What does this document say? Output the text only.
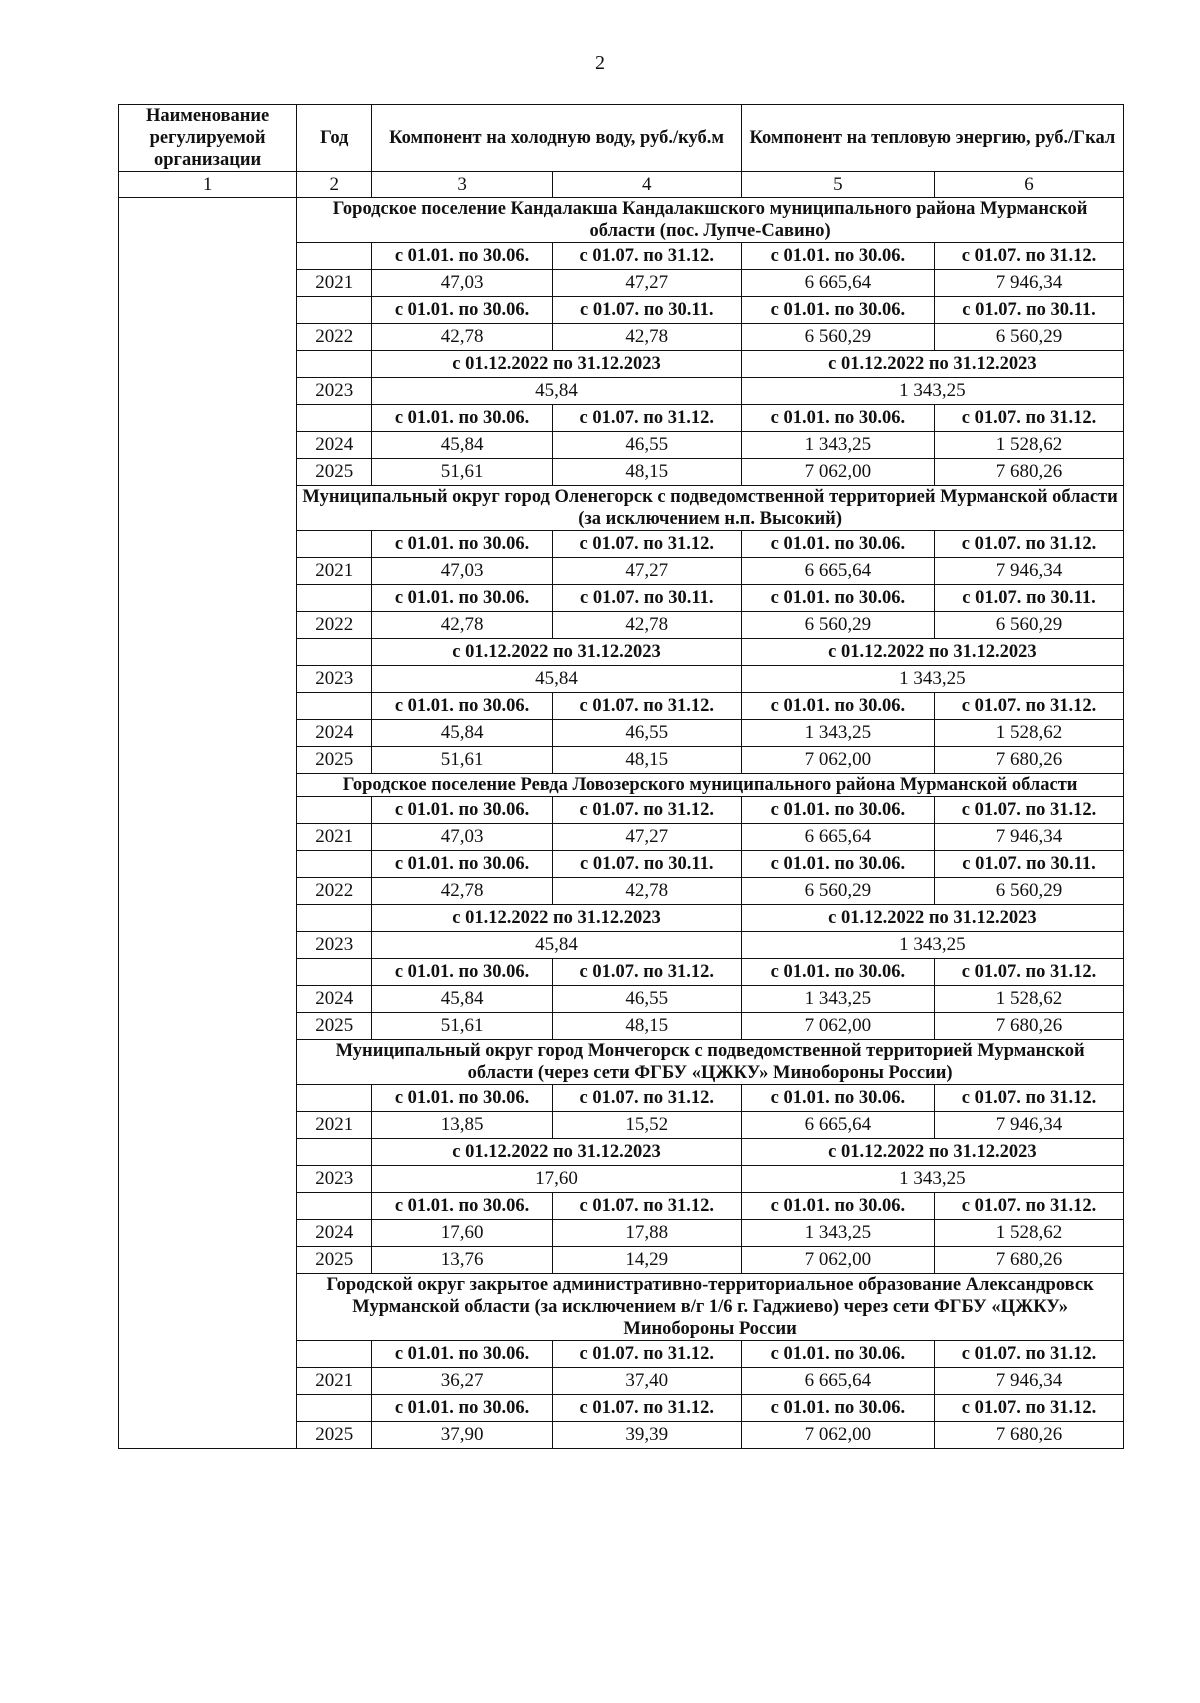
2
Наименование регулируемой организации	Год	Компонент на холодную воду, руб./куб.м		Компонент на тепловую энергию, руб./Гкал	
1	2	3	4	5	6
	Городское поселение Кандалакша Кандалакшского муниципального района Мурманской области (пос. Лупче-Савино)				
		с 01.01. по 30.06.	с 01.07. по 31.12.	с 01.01. по 30.06.	с 01.07. по 31.12.
	2021	47,03	47,27	6 665,64	7 946,34
		с 01.01. по 30.06.	с 01.07. по 30.11.	с 01.01. по 30.06.	с 01.07. по 30.11.
	2022	42,78	42,78	6 560,29	6 560,29
		с 01.12.2022 по 31.12.2023		с 01.12.2022 по 31.12.2023	
	2023	45,84		1 343,25	
		с 01.01. по 30.06.	с 01.07. по 31.12.	с 01.01. по 30.06.	с 01.07. по 31.12.
	2024	45,84	46,55	1 343,25	1 528,62
	2025	51,61	48,15	7 062,00	7 680,26
	Муниципальный округ город Оленегорск с подведомственной территорией Мурманской области (за исключением н.п. Высокий)				
		с 01.01. по 30.06.	с 01.07. по 31.12.	с 01.01. по 30.06.	с 01.07. по 31.12.
	2021	47,03	47,27	6 665,64	7 946,34
		с 01.01. по 30.06.	с 01.07. по 30.11.	с 01.01. по 30.06.	с 01.07. по 30.11.
	2022	42,78	42,78	6 560,29	6 560,29
		с 01.12.2022 по 31.12.2023		с 01.12.2022 по 31.12.2023	
	2023	45,84		1 343,25	
		с 01.01. по 30.06.	с 01.07. по 31.12.	с 01.01. по 30.06.	с 01.07. по 31.12.
	2024	45,84	46,55	1 343,25	1 528,62
	2025	51,61	48,15	7 062,00	7 680,26
	Городское поселение Ревда Ловозерского муниципального района Мурманской области				
		с 01.01. по 30.06.	с 01.07. по 31.12.	с 01.01. по 30.06.	с 01.07. по 31.12.
	2021	47,03	47,27	6 665,64	7 946,34
		с 01.01. по 30.06.	с 01.07. по 30.11.	с 01.01. по 30.06.	с 01.07. по 30.11.
	2022	42,78	42,78	6 560,29	6 560,29
		с 01.12.2022 по 31.12.2023		с 01.12.2022 по 31.12.2023	
	2023	45,84		1 343,25	
		с 01.01. по 30.06.	с 01.07. по 31.12.	с 01.01. по 30.06.	с 01.07. по 31.12.
	2024	45,84	46,55	1 343,25	1 528,62
	2025	51,61	48,15	7 062,00	7 680,26
	Муниципальный округ город Мончегорск с подведомственной территорией Мурманской области (через сети ФГБУ «ЦЖКУ» Минобороны России)				
		с 01.01. по 30.06.	с 01.07. по 31.12.	с 01.01. по 30.06.	с 01.07. по 31.12.
	2021	13,85	15,52	6 665,64	7 946,34
		с 01.12.2022 по 31.12.2023		с 01.12.2022 по 31.12.2023	
	2023	17,60		1 343,25	
		с 01.01. по 30.06.	с 01.07. по 31.12.	с 01.01. по 30.06.	с 01.07. по 31.12.
	2024	17,60	17,88	1 343,25	1 528,62
	2025	13,76	14,29	7 062,00	7 680,26
	Городской округ закрытое административно-территориальное образование Александровск Мурманской области (за исключением в/г 1/6 г. Гаджиево) через сети ФГБУ «ЦЖКУ» Минобороны России				
		с 01.01. по 30.06.	с 01.07. по 31.12.	с 01.01. по 30.06.	с 01.07. по 31.12.
	2021	36,27	37,40	6 665,64	7 946,34
		с 01.01. по 30.06.	с 01.07. по 31.12.	с 01.01. по 30.06.	с 01.07. по 31.12.
	2025	37,90	39,39	7 062,00	7 680,26
